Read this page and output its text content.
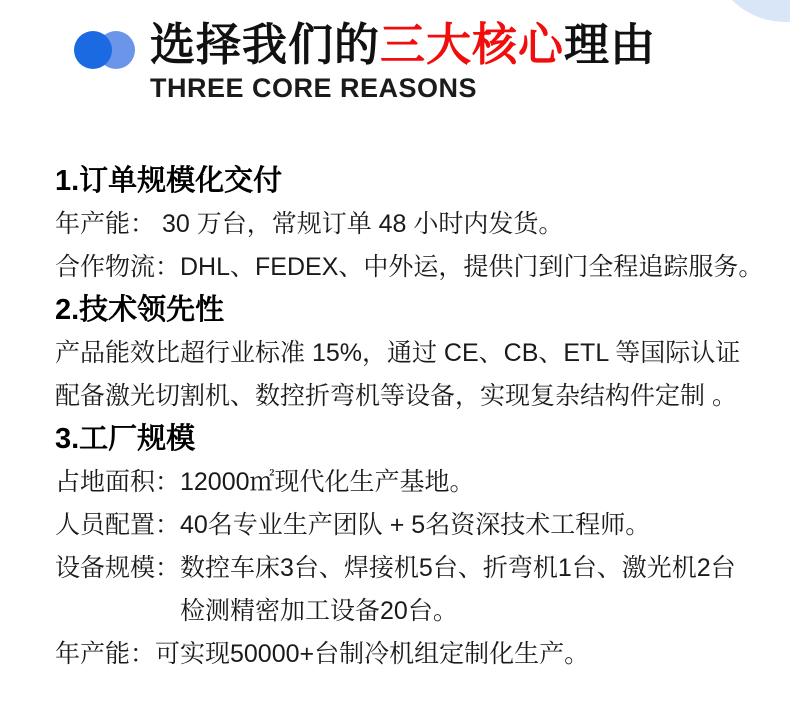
选择我们的三大核心理由
THREE CORE REASONS
1.订单规模化交付

年产能： 30 万台，常规订单 48 小时内发货。

合作物流：DHL、FEDEX、中外运，提供门到门全程追踪服务。

2.技术领先性

产品能效比超行业标准 15%，通过 CE、CB、ETL 等国际认证

配备激光切割机、数控折弯机等设备，实现复杂结构件定制 。

3.工厂规模

占地面积：12000㎡现代化生产基地。

人员配置：40名专业生产团队 + 5名资深技术工程师。

设备规模： 数控车床3台、焊接机5台、折弯机1台、激光机2台
检测精密加工设备20台。

年产能：可实现50000+台制冷机组定制化生产。
